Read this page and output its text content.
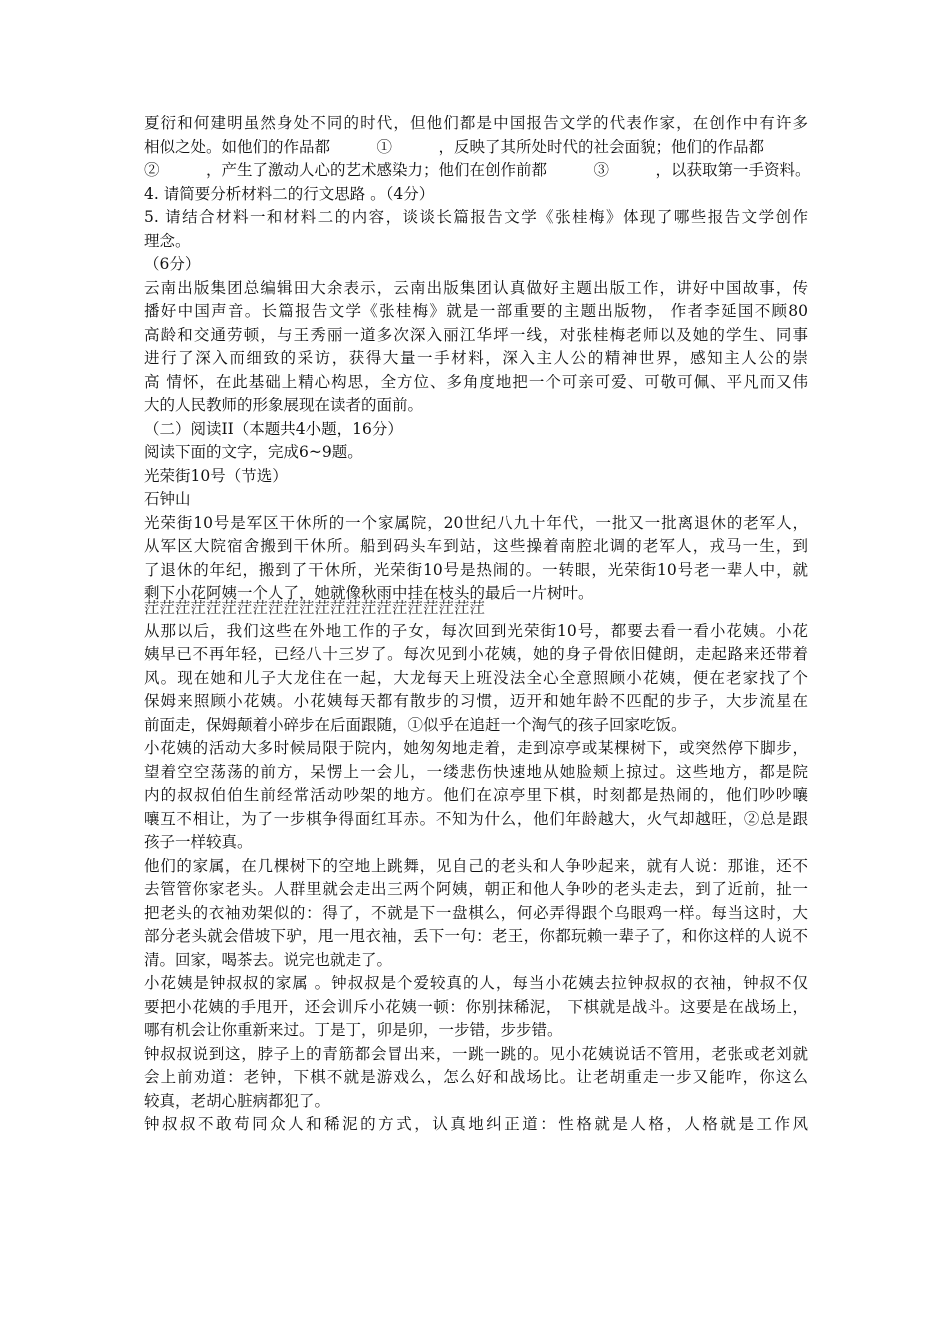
夏衍和何建明虽然身处不同的时代，但他们都是中国报告文学的代表作家，在创作中有许多
相似之处。如他们的作品都　　　①　　　，反映了其所处时代的社会面貌；他们的作品都
②　　　，产生了激动人心的艺术感染力；他们在创作前都　　　③　　　，以获取第一手资料。
4. 请简要分析材料二的行文思路 。（4分）
5. 请结合材料一和材料二的内容，谈谈长篇报告文学《张桂梅》体现了哪些报告文学创作
理念。
（6分）
云南出版集团总编辑田大余表示，云南出版集团认真做好主题出版工作，讲好中国故事，传
播好中国声音。长篇报告文学《张桂梅》就是一部重要的主题出版物， 作者李延国不顾80
高龄和交通劳顿，与王秀丽一道多次深入丽江华坪一线，对张桂梅老师以及她的学生、同事
进行了深入而细致的采访，获得大量一手材料，深入主人公的精神世界，感知主人公的崇
高 情怀，在此基础上精心构思，全方位、多角度地把一个可亲可爱、可敬可佩、平凡而又伟
大的人民教师的形象展现在读者的面前。
（二）阅读II（本题共4小题，16分）
阅读下面的文字，完成6~9题。
光荣街10号（节选）
石钟山
光荣街10号是军区干休所的一个家属院，20世纪八九十年代，一批又一批离退休的老军人，
从军区大院宿舍搬到干休所。船到码头车到站，这些操着南腔北调的老军人，戎马一生，到
了退休的年纪，搬到了干休所，光荣街10号是热闹的。一转眼，光荣街10号老一辈人中，就
剩下小花阿姨一个人了，她就像秋雨中挂在枝头的最后一片树叶。
茳茳茳茳茳茳茳茳茳茳茳茳茳茳茳茳茳茳茳茳茳茳
从那以后，我们这些在外地工作的子女，每次回到光荣街10号，都要去看一看小花姨。小花
姨早已不再年轻，已经八十三岁了。每次见到小花姨，她的身子骨依旧健朗，走起路来还带着
风。现在她和儿子大龙住在一起，大龙每天上班没法全心全意照顾小花姨，便在老家找了个
保姆来照顾小花姨。小花姨每天都有散步的习惯，迈开和她年龄不匹配的步子，大步流星在
前面走，保姆颠着小碎步在后面跟随，①似乎在追赶一个淘气的孩子回家吃饭。
小花姨的活动大多时候局限于院内，她匆匆地走着，走到凉亭或某棵树下，或突然停下脚步，
望着空空荡荡的前方，呆愣上一会儿，一缕悲伤快速地从她脸颊上掠过。这些地方，都是院
内的叔叔伯伯生前经常活动吵架的地方。他们在凉亭里下棋，时刻都是热闹的，他们吵吵嚷
嚷互不相让，为了一步棋争得面红耳赤。不知为什么，他们年龄越大，火气却越旺，②总是跟
孩子一样较真。
他们的家属，在几棵树下的空地上跳舞，见自己的老头和人争吵起来，就有人说：那谁，还不
去管管你家老头。人群里就会走出三两个阿姨，朝正和他人争吵的老头走去，到了近前，扯一
把老头的衣袖劝架似的：得了，不就是下一盘棋么，何必弄得跟个乌眼鸡一样。每当这时，大
部分老头就会借坡下驴，甩一甩衣袖，丢下一句：老王，你都玩赖一辈子了，和你这样的人说不
清。回家，喝茶去。说完也就走了。
小花姨是钟叔叔的家属 。钟叔叔是个爱较真的人，每当小花姨去拉钟叔叔的衣袖，钟叔不仅
要把小花姨的手甩开，还会训斥小花姨一顿：你别抹稀泥， 下棋就是战斗。这要是在战场上，
哪有机会让你重新来过。丁是丁，卯是卯，一步错，步步错。
钟叔叔说到这，脖子上的青筋都会冒出来，一跳一跳的。见小花姨说话不管用，老张或老刘就
会上前劝道：老钟，下棋不就是游戏么，怎么好和战场比。让老胡重走一步又能咋，你这么
较真，老胡心脏病都犯了。
钟叔叔不敢苟同众人和稀泥的方式，认真地纠正道：性格就是人格，人格就是工作风
